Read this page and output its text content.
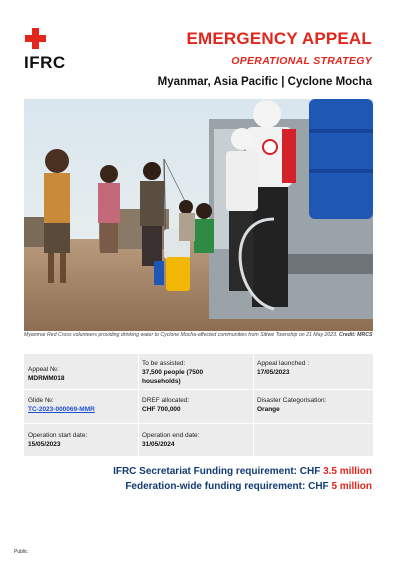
IFRC
EMERGENCY APPEAL
OPERATIONAL STRATEGY
Myanmar, Asia Pacific | Cyclone Mocha
Myanmar Red Cross volunteers providing drinking water to Cyclone Mocha-affected communities from Sittwe Township on 21 May 2023. Credit: MRCS
Appeal №:
MDRMM018
To be assisted:
37,500 people (7500
households)
Appeal launched :
17/05/2023
Glide №:
TC-2023-000069-MMR
DREF allocated:
CHF 700,000
Disaster Categorisation:
Orange
Operation start date:
15/05/2023
Operation end date:
31/05/2024
IFRC Secretariat Funding requirement: CHF 3.5 million
Federation-wide funding requirement: CHF 5 million
Public
